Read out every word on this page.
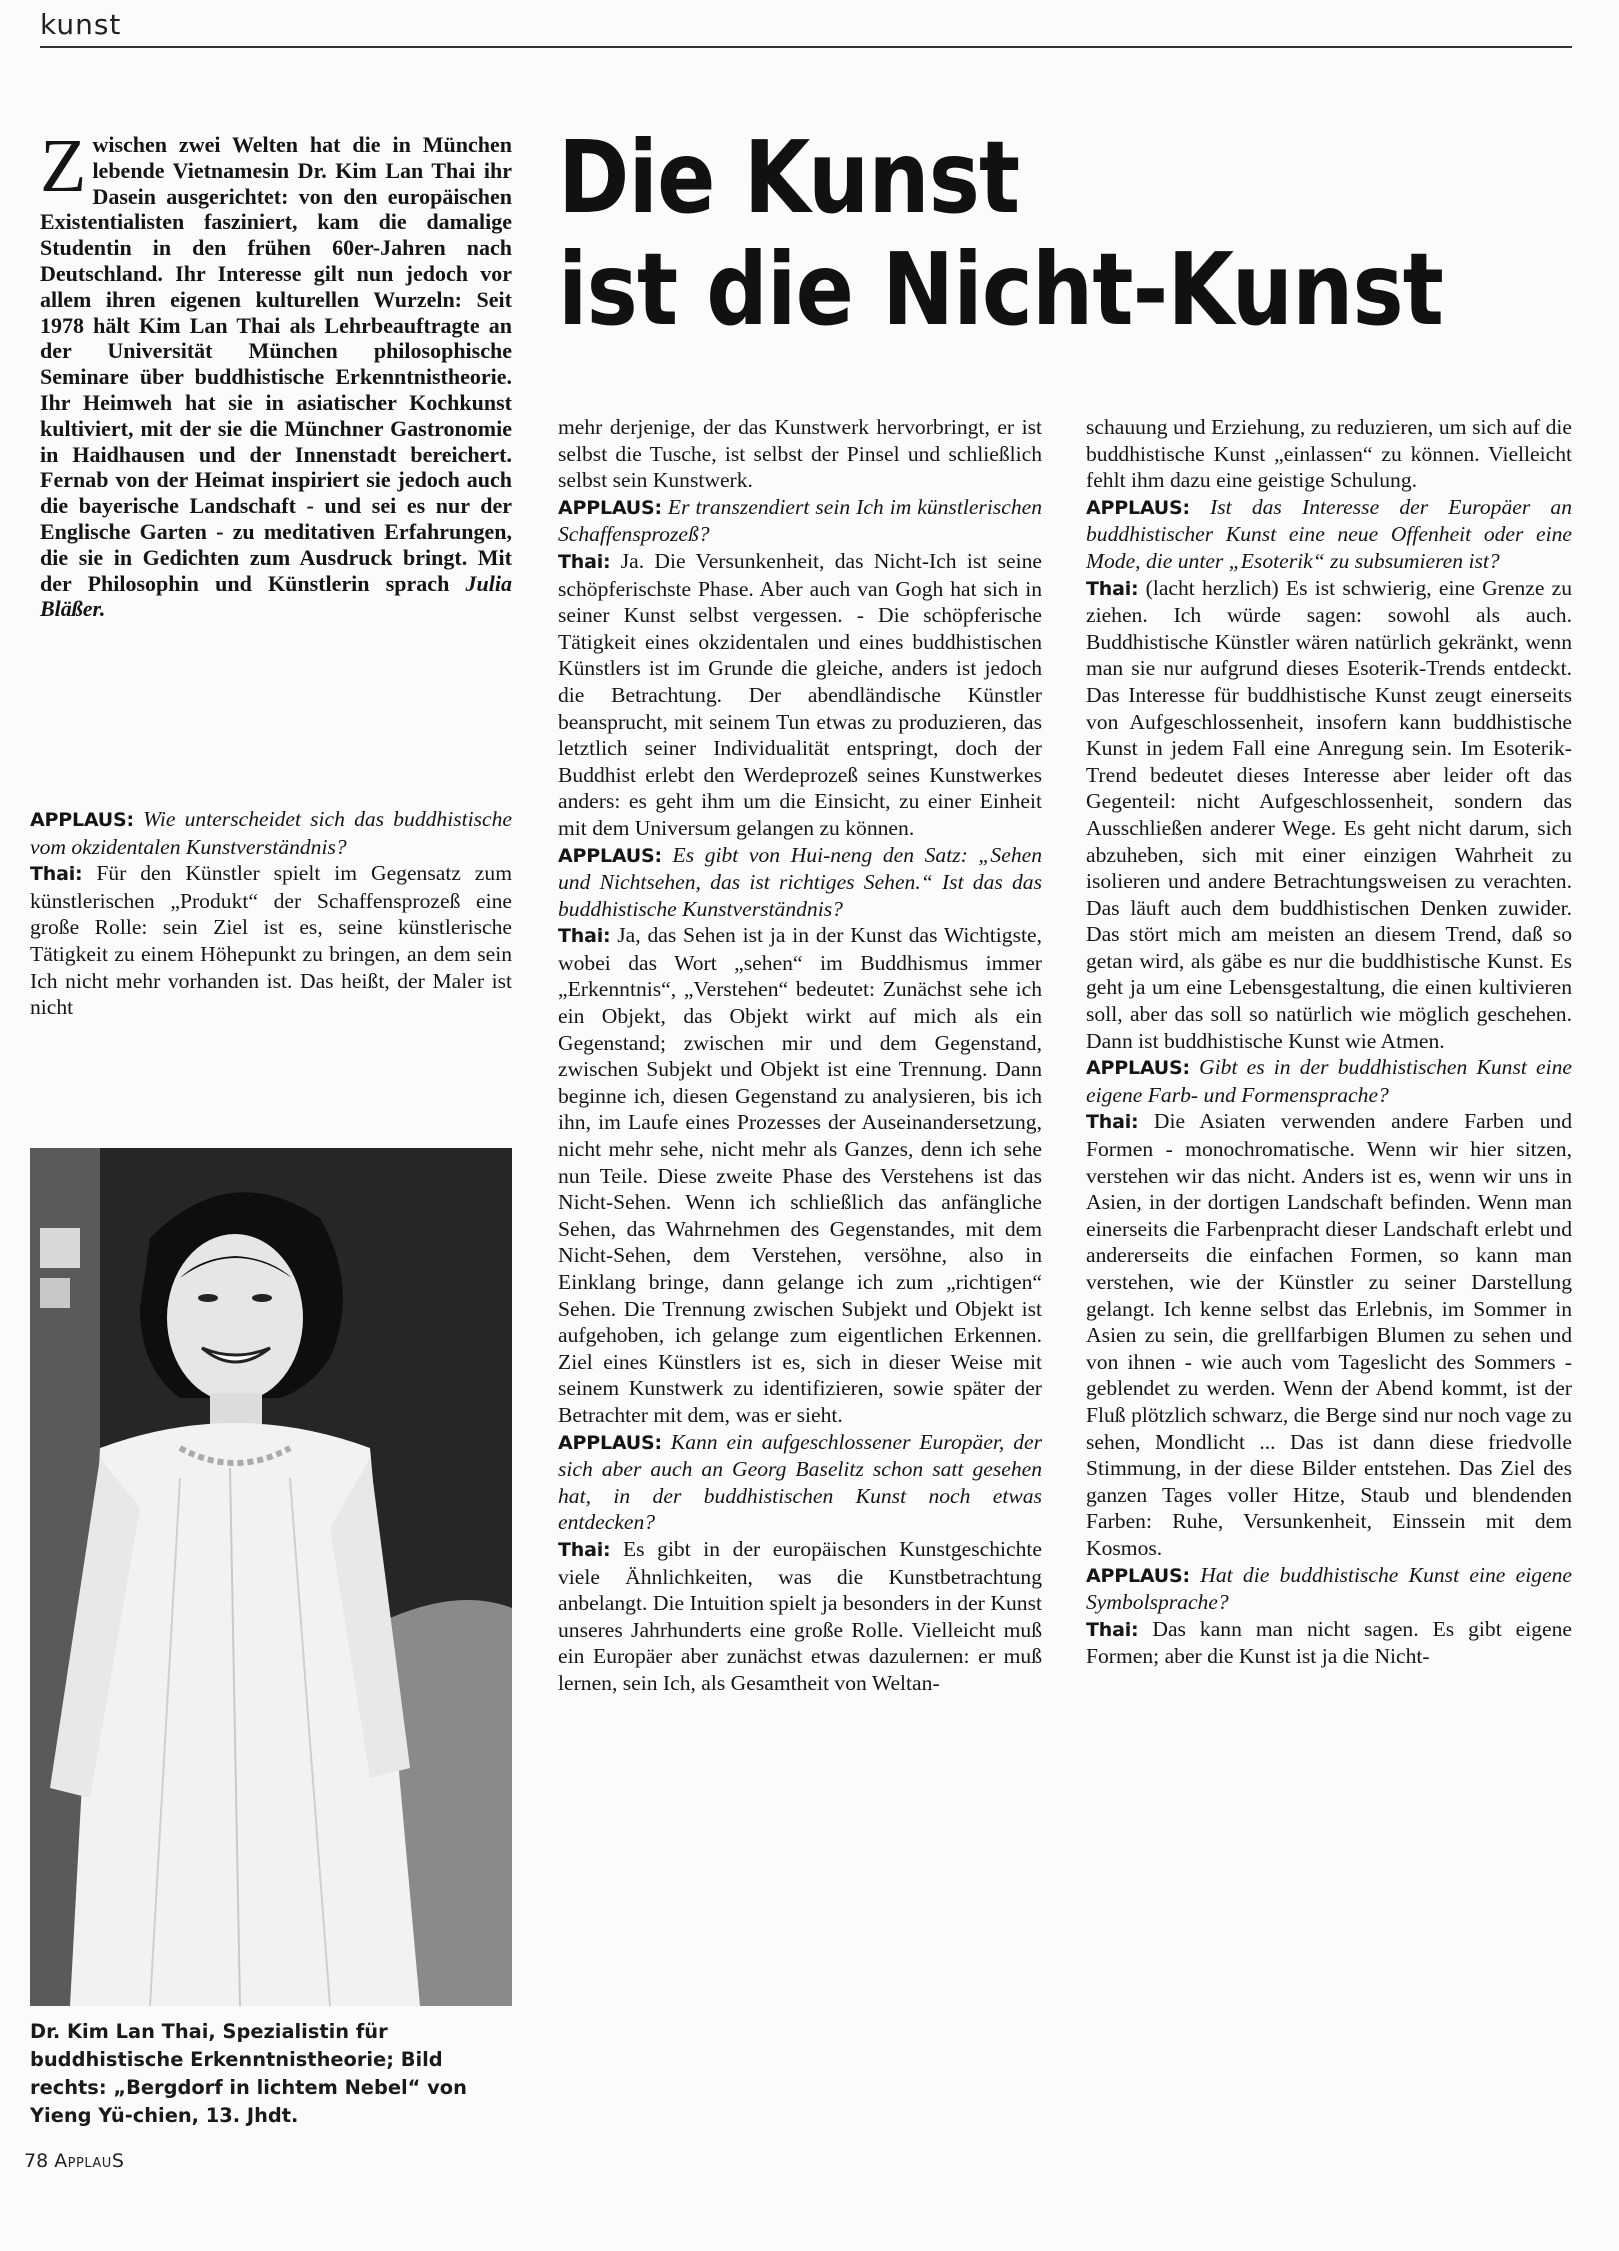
kunst
Die Kunst
ist die Nicht-Kunst
Zwischen zwei Welten hat die in München lebende Vietnamesin Dr. Kim Lan Thai ihr Dasein ausgerichtet: von den europäischen Existentialisten fasziniert, kam die damalige Studentin in den frühen 60er-Jahren nach Deutschland. Ihr Interesse gilt nun jedoch vor allem ihren eigenen kulturellen Wurzeln: Seit 1978 hält Kim Lan Thai als Lehrbeauftragte an der Universität München philosophische Seminare über buddhistische Erkenntnistheorie. Ihr Heimweh hat sie in asiatischer Kochkunst kultiviert, mit der sie die Münchner Gastronomie in Haidhausen und der Innenstadt bereichert. Fernab von der Heimat inspiriert sie jedoch auch die bayerische Landschaft - und sei es nur der Englische Garten - zu meditativen Erfahrungen, die sie in Gedichten zum Ausdruck bringt. Mit der Philosophin und Künstlerin sprach Julia Bläßer.

APPLAUS: Wie unterscheidet sich das buddhistische vom okzidentalen Kunstverständnis?

Thai: Für den Künstler spielt im Gegensatz zum künstlerischen „Produkt“ der Schaffensprozeß eine große Rolle: sein Ziel ist es, seine künstlerische Tätigkeit zu einem Höhepunkt zu bringen, an dem sein Ich nicht mehr vorhanden ist. Das heißt, der Maler ist nicht

Dr. Kim Lan Thai, Spezialistin für buddhistische Erkenntnistheorie; Bild rechts: „Bergdorf in lichtem Nebel“ von Yieng Yü-chien, 13. Jhdt.

mehr derjenige, der das Kunstwerk hervorbringt, er ist selbst die Tusche, ist selbst der Pinsel und schließlich selbst sein Kunstwerk.

APPLAUS: Er transzendiert sein Ich im künstlerischen Schaffensprozeß?

Thai: Ja. Die Versunkenheit, das Nicht-Ich ist seine schöpferischste Phase. Aber auch van Gogh hat sich in seiner Kunst selbst vergessen. - Die schöpferische Tätigkeit eines okzidentalen und eines buddhistischen Künstlers ist im Grunde die gleiche, anders ist jedoch die Betrachtung. Der abendländische Künstler beansprucht, mit seinem Tun etwas zu produzieren, das letztlich seiner Individualität entspringt, doch der Buddhist erlebt den Werdeprozeß seines Kunstwerkes anders: es geht ihm um die Einsicht, zu einer Einheit mit dem Universum gelangen zu können.

APPLAUS: Es gibt von Hui-neng den Satz: „Sehen und Nichtsehen, das ist richtiges Sehen.“ Ist das das buddhistische Kunstverständnis?

Thai: Ja, das Sehen ist ja in der Kunst das Wichtigste, wobei das Wort „sehen“ im Buddhismus immer „Erkenntnis“, „Verstehen“ bedeutet: Zunächst sehe ich ein Objekt, das Objekt wirkt auf mich als ein Gegenstand; zwischen mir und dem Gegenstand, zwischen Subjekt und Objekt ist eine Trennung. Dann beginne ich, diesen Gegenstand zu analysieren, bis ich ihn, im Laufe eines Prozesses der Auseinandersetzung, nicht mehr sehe, nicht mehr als Ganzes, denn ich sehe nun Teile. Diese zweite Phase des Verstehens ist das Nicht-Sehen. Wenn ich schließlich das anfängliche Sehen, das Wahrnehmen des Gegenstandes, mit dem Nicht-Sehen, dem Verstehen, versöhne, also in Einklang bringe, dann gelange ich zum „richtigen“ Sehen. Die Trennung zwischen Subjekt und Objekt ist aufgehoben, ich gelange zum eigentlichen Erkennen. Ziel eines Künstlers ist es, sich in dieser Weise mit seinem Kunstwerk zu identifizieren, sowie später der Betrachter mit dem, was er sieht.

APPLAUS: Kann ein aufgeschlossener Europäer, der sich aber auch an Georg Baselitz schon satt gesehen hat, in der buddhistischen Kunst noch etwas entdecken?

Thai: Es gibt in der europäischen Kunstgeschichte viele Ähnlichkeiten, was die Kunstbetrachtung anbelangt. Die Intuition spielt ja besonders in der Kunst unseres Jahrhunderts eine große Rolle. Vielleicht muß ein Europäer aber zunächst etwas dazulernen: er muß lernen, sein Ich, als Gesamtheit von Weltan-

schauung und Erziehung, zu reduzieren, um sich auf die buddhistische Kunst „einlassen“ zu können. Vielleicht fehlt ihm dazu eine geistige Schulung.

APPLAUS: Ist das Interesse der Europäer an buddhistischer Kunst eine neue Offenheit oder eine Mode, die unter „Esoterik“ zu subsumieren ist?

Thai: (lacht herzlich) Es ist schwierig, eine Grenze zu ziehen. Ich würde sagen: sowohl als auch. Buddhistische Künstler wären natürlich gekränkt, wenn man sie nur aufgrund dieses Esoterik-Trends entdeckt. Das Interesse für buddhistische Kunst zeugt einerseits von Aufgeschlossenheit, insofern kann buddhistische Kunst in jedem Fall eine Anregung sein. Im Esoterik-Trend bedeutet dieses Interesse aber leider oft das Gegenteil: nicht Aufgeschlossenheit, sondern das Ausschließen anderer Wege. Es geht nicht darum, sich abzuheben, sich mit einer einzigen Wahrheit zu isolieren und andere Betrachtungsweisen zu verachten. Das läuft auch dem buddhistischen Denken zuwider. Das stört mich am meisten an diesem Trend, daß so getan wird, als gäbe es nur die buddhistische Kunst. Es geht ja um eine Lebensgestaltung, die einen kultivieren soll, aber das soll so natürlich wie möglich geschehen. Dann ist buddhistische Kunst wie Atmen.

APPLAUS: Gibt es in der buddhistischen Kunst eine eigene Farb- und Formensprache?

Thai: Die Asiaten verwenden andere Farben und Formen - monochromatische. Wenn wir hier sitzen, verstehen wir das nicht. Anders ist es, wenn wir uns in Asien, in der dortigen Landschaft befinden. Wenn man einerseits die Farbenpracht dieser Landschaft erlebt und andererseits die einfachen Formen, so kann man verstehen, wie der Künstler zu seiner Darstellung gelangt. Ich kenne selbst das Erlebnis, im Sommer in Asien zu sein, die grellfarbigen Blumen zu sehen und von ihnen - wie auch vom Tageslicht des Sommers - geblendet zu werden. Wenn der Abend kommt, ist der Fluß plötzlich schwarz, die Berge sind nur noch vage zu sehen, Mondlicht ... Das ist dann diese friedvolle Stimmung, in der diese Bilder entstehen. Das Ziel des ganzen Tages voller Hitze, Staub und blendenden Farben: Ruhe, Versunkenheit, Einssein mit dem Kosmos.

APPLAUS: Hat die buddhistische Kunst eine eigene Symbolsprache?

Thai: Das kann man nicht sagen. Es gibt eigene Formen; aber die Kunst ist ja die Nicht-

78 ApplauS
